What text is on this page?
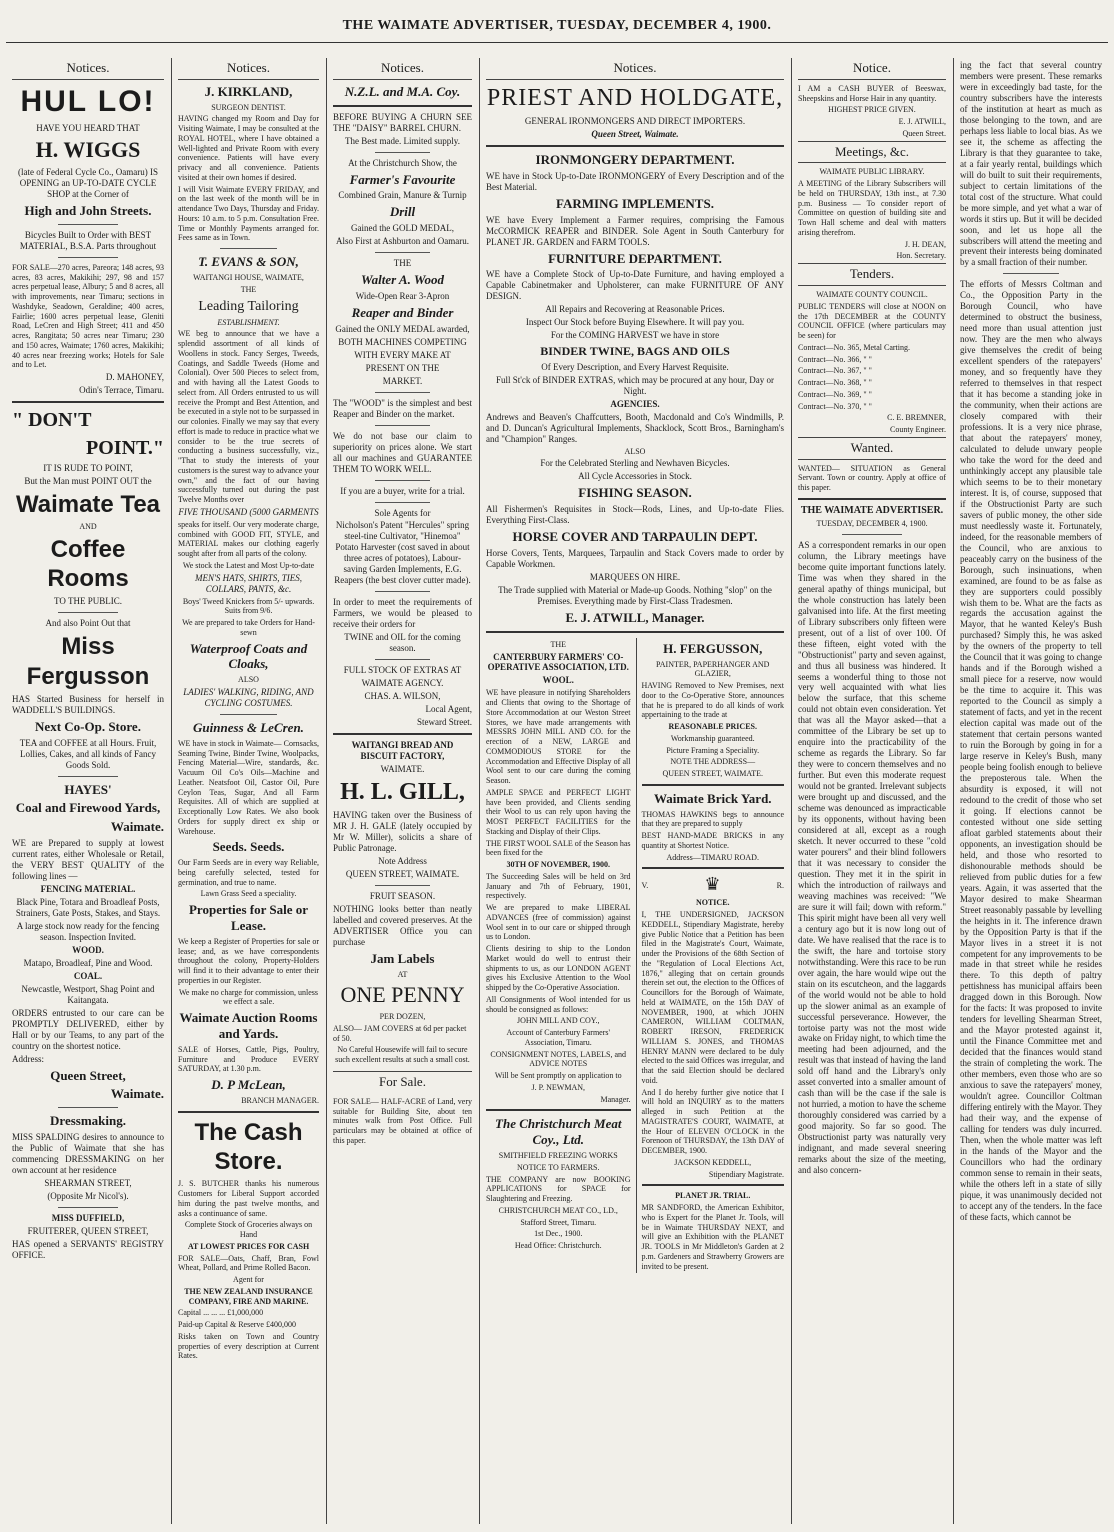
THE WAIMATE ADVERTISER, TUESDAY, DECEMBER 4, 1900.
Notices.
HUL LO!

HAVE YOU HEARD THAT

H. WIGGS

(late of Federal Cycle Co., Oamaru) IS OPENING an UP-TO-DATE CYCLE SHOP at the Corner of

High and John Streets.

Bicycles Built to Order with BEST MATERIAL, B.S.A. Parts throughout

FOR SALE—270 acres, Pareora; 148 acres, 93 acres, 83 acres, Makikihi; 297, 98 and 157 acres perpetual lease, Albury; 5 and 8 acres, all with improvements, near Timaru; sections in Washdyke, Seadown, Geraldine; 400 acres, Fairlie; 1600 acres perpetual lease, Gleniti Road, LeCren and High Street; 411 and 450 acres, Rangitata; 50 acres near Timaru; 230 and 150 acres, Waimate; 1760 acres, Makikihi; 40 acres near freezing works; Hotels for Sale and to Let.

D. MAHONEY,

Odin's Terrace, Timaru.

" DON'T
POINT."

IT IS RUDE TO POINT,

But the Man must POINT OUT the

Waimate Tea

AND

Coffee Rooms

TO THE PUBLIC.

And also Point Out that

Miss Fergusson

HAS Started Business for herself in WADDELL'S BUILDINGS.

Next Co-Op. Store.

TEA and COFFEE at all Hours. Fruit, Lollies, Cakes, and all kinds of Fancy Goods Sold.

HAYES'
Coal and Firewood Yards,
Waimate.

WE are Prepared to supply at lowest current rates, either Wholesale or Retail, the VERY BEST QUALITY of the following lines —

FENCING MATERIAL.

Black Pine, Totara and Broadleaf Posts, Strainers, Gate Posts, Stakes, and Stays.

A large stock now ready for the fencing season. Inspection Invited.

WOOD.

Matapo, Broadleaf, Pine and Wood.

COAL.

Newcastle, Westport, Shag Point and Kaitangata.

ORDERS entrusted to our care can be PROMPTLY DELIVERED, either by Hall or by our Teams, to any part of the country on the shortest notice.

Address:

Queen Street,
Waimate.
Dressmaking.

MISS SPALDING desires to announce to the Public of Waimate that she has commencing DRESSMAKING on her own account at her residence

SHEARMAN STREET,

(Opposite Mr Nicol's).

MISS DUFFIELD,

FRUITERER, QUEEN STREET,

HAS opened a SERVANTS' REGISTRY OFFICE.

Notices.
J. KIRKLAND,

SURGEON DENTIST.

HAVING changed my Room and Day for Visiting Waimate, I may be consulted at the ROYAL HOTEL, where I have obtained a Well-lighted and Private Room with every convenience. Patients will have every privacy and all convenience. Patients visited at their own homes if desired.

I will Visit Waimate EVERY FRIDAY, and on the last week of the month will be in attendance Two Days, Thursday and Friday. Hours: 10 a.m. to 5 p.m. Consultation Free. Time or Monthly Payments arranged for. Fees same as in Town.

T. EVANS & SON,

WAITANGI HOUSE, WAIMATE,

THE

Leading Tailoring

ESTABLISHMENT.

WE beg to announce that we have a splendid assortment of all kinds of Woollens in stock. Fancy Serges, Tweeds, Coatings, and Saddle Tweeds (Home and Colonial). Over 500 Pieces to select from, and with having all the Latest Goods to select from. All Orders entrusted to us will receive the Prompt and Best Attention, and be executed in a style not to be surpassed in our colonies. Finally we may say that every effort is made to reduce in practice what we consider to be the true secrets of conducting a business successfully, viz., "That to study the interests of your customers is the surest way to advance your own," and the fact of our having successfully turned out during the past Twelve Months over

FIVE THOUSAND (5000 GARMENTS

speaks for itself. Our very moderate charge, combined with GOOD FIT, STYLE, and MATERIAL makes our clothing eagerly sought after from all parts of the colony.

We stock the Latest and Most Up-to-date

MEN'S HATS, SHIRTS, TIES, COLLARS, PANTS, &c.

Boys' Tweed Knickers from 5/- upwards. Suits from 9/6.

We are prepared to take Orders for Hand-sewn

Waterproof Coats and Cloaks,

ALSO

LADIES' WALKING, RIDING, AND CYCLING COSTUMES.

Guinness & LeCren.

WE have in stock in Waimate— Cornsacks, Seaming Twine, Binder Twine, Woolpacks, Fencing Material—Wire, standards, &c. Vacuum Oil Co's Oils—Machine and Leather. Neatsfoot Oil, Castor Oil, Pure Ceylon Teas, Sugar, And all Farm Requisites. All of which are supplied at Exceptionally Low Rates. We also book Orders for supply direct ex ship or Warehouse.

Seeds. Seeds.

Our Farm Seeds are in every way Reliable, being carefully selected, tested for germination, and true to name.

Lawn Grass Seed a speciality.

Properties for Sale or Lease.

We keep a Register of Properties for sale or lease; and, as we have correspondents throughout the colony, Property-Holders will find it to their advantage to enter their properties in our Register.

We make no charge for commission, unless we effect a sale.

Waimate Auction Rooms and Yards.

SALE of Horses, Cattle, Pigs, Poultry, Furniture and Produce EVERY SATURDAY, at 1.30 p.m.

D. P McLean,

BRANCH MANAGER.

The Cash Store.

J. S. BUTCHER thanks his numerous Customers for Liberal Support accorded him during the past twelve months, and asks a continuance of same.

Complete Stock of Groceries always on Hand

AT LOWEST PRICES FOR CASH

FOR SALE—Oats, Chaff, Bran, Fowl Wheat, Pollard, and Prime Rolled Bacon.

Agent for

THE NEW ZEALAND INSURANCE COMPANY, FIRE AND MARINE.

Capital ... ... ... £1,000,000

Paid-up Capital & Reserve £400,000

Risks taken on Town and Country properties of every description at Current Rates.

Notices.
N.Z.L. and M.A. Coy.

BEFORE BUYING A CHURN SEE THE "DAISY" BARREL CHURN.

The Best made. Limited supply.

At the Christchurch Show, the

Farmer's Favourite

Combined Grain, Manure & Turnip

Drill

Gained the GOLD MEDAL,

Also First at Ashburton and Oamaru.

THE

Walter A. Wood

Wide-Open Rear 3-Apron

Reaper and Binder

Gained the ONLY MEDAL awarded,

BOTH MACHINES COMPETING

WITH EVERY MAKE AT

PRESENT ON THE

MARKET.

The "WOOD" is the simplest and best Reaper and Binder on the market.

We do not base our claim to superiority on prices alone. We start all our machines and GUARANTEE THEM TO WORK WELL.

If you are a buyer, write for a trial.

Sole Agents for

Nicholson's Patent "Hercules" spring steel-tine Cultivator, "Hinemoa" Potato Harvester (cost saved in about three acres of potatoes), Labour-saving Garden Implements, E.G. Reapers (the best clover cutter made).

In order to meet the requirements of Farmers, we would be pleased to receive their orders for

TWINE and OIL for the coming season.

FULL STOCK OF EXTRAS AT

WAIMATE AGENCY.

CHAS. A. WILSON,

Local Agent,

Steward Street.

WAITANGI BREAD AND BISCUIT FACTORY,

WAIMATE.

H. L. GILL,

HAVING taken over the Business of MR J. H. GALE (lately occupied by Mr W. Miller), solicits a share of Public Patronage.

Note Address

QUEEN STREET, WAIMATE.

FRUIT SEASON.

NOTHING looks better than neatly labelled and covered preserves. At the ADVERTISER Office you can purchase

Jam Labels

AT

ONE PENNY

PER DOZEN,

ALSO— JAM COVERS at 6d per packet of 50.

No Careful Housewife will fail to secure such excellent results at such a small cost.

For Sale.

FOR SALE— HALF-ACRE of Land, very suitable for Building Site, about ten minutes walk from Post Office. Full particulars may be obtained at office of this paper.

Notices.
PRIEST AND HOLDGATE,

GENERAL IRONMONGERS AND DIRECT IMPORTERS.

Queen Street, Waimate.

IRONMONGERY DEPARTMENT.

WE have in Stock Up-to-Date IRONMONGERY of Every Description and of the Best Material.

FARMING IMPLEMENTS.

WE have Every Implement a Farmer requires, comprising the Famous McCORMICK REAPER and BINDER. Sole Agent in South Canterbury for PLANET JR. GARDEN and FARM TOOLS.

FURNITURE DEPARTMENT.

WE have a Complete Stock of Up-to-Date Furniture, and having employed a Capable Cabinetmaker and Upholsterer, can make FURNITURE OF ANY DESIGN.

All Repairs and Recovering at Reasonable Prices.

Inspect Our Stock before Buying Elsewhere. It will pay you.

For the COMING HARVEST we have in store

BINDER TWINE, BAGS AND OILS

Of Every Description, and Every Harvest Requisite.

Full St'ck of BINDER EXTRAS, which may be procured at any hour, Day or Night.

AGENCIES.

Andrews and Beaven's Chaffcutters, Booth, Macdonald and Co's Windmills, P. and D. Duncan's Agricultural Implements, Shacklock, Scott Bros., Barningham's and "Champion" Ranges.

ALSO

For the Celebrated Sterling and Newhaven Bicycles.

All Cycle Accessories in Stock.

FISHING SEASON.

All Fishermen's Requisites in Stock—Rods, Lines, and Up-to-date Flies. Everything First-Class.

HORSE COVER AND TARPAULIN DEPT.

Horse Covers, Tents, Marquees, Tarpaulin and Stack Covers made to order by Capable Workmen.

MARQUEES ON HIRE.

The Trade supplied with Material or Made-up Goods. Nothing "slop" on the Premises. Everything made by First-Class Tradesmen.

E. J. ATWILL, Manager.

THE

CANTERBURY FARMERS' CO-OPERATIVE ASSOCIATION, LTD.

WOOL.

WE have pleasure in notifying Shareholders and Clients that owing to the Shortage of Store Accommodation at our Weston Street Stores, we have made arrangements with MESSRS JOHN MILL AND CO. for the erection of a NEW, LARGE and COMMODIOUS STORE for the Accommodation and Effective Display of all Wool sent to our care during the coming Season.

AMPLE SPACE and PERFECT LIGHT have been provided, and Clients sending their Wool to us can rely upon having the MOST PERFECT FACILITIES for the Stacking and Display of their Clips.

THE FIRST WOOL SALE of the Season has been fixed for the

30TH OF NOVEMBER, 1900.

The Succeeding Sales will be held on 3rd January and 7th of February, 1901, respectively.

We are prepared to make LIBERAL ADVANCES (free of commission) against Wool sent in to our care or shipped through us to London.

Clients desiring to ship to the London Market would do well to entrust their shipments to us, as our LONDON AGENT gives his Exclusive Attention to the Wool shipped by the Co-Operative Association.

All Consignments of Wool intended for us should be consigned as follows:

JOHN MILL AND COY.,

Account of Canterbury Farmers' Association, Timaru.

CONSIGNMENT NOTES, LABELS, and ADVICE NOTES

Will be Sent promptly on application to

J. P. NEWMAN,

Manager.

The Christchurch Meat Coy., Ltd.

SMITHFIELD FREEZING WORKS

NOTICE TO FARMERS.

THE COMPANY are now BOOKING APPLICATIONS for SPACE for Slaughtering and Freezing.

CHRISTCHURCH MEAT CO., LD.,

Stafford Street, Timaru.

1st Dec., 1900.

Head Office: Christchurch.

H. FERGUSSON,

PAINTER, PAPERHANGER AND GLAZIER,

HAVING Removed to New Premises, next door to the Co-Operative Store, announces that he is prepared to do all kinds of work appertaining to the trade at

REASONABLE PRICES.

Workmanship guaranteed.

Picture Framing a Speciality.

NOTE THE ADDRESS—

QUEEN STREET, WAIMATE.

Waimate Brick Yard.

THOMAS HAWKINS begs to announce that they are prepared to supply

BEST HAND-MADE BRICKS in any quantity at Shortest Notice.

Address—TIMARU ROAD.

V.	♛	R.

NOTICE.

I, THE UNDERSIGNED, JACKSON KEDDELL, Stipendiary Magistrate, hereby give Public Notice that a Petition has been filed in the Magistrate's Court, Waimate, under the Provisions of the 68th Section of the "Regulation of Local Elections Act, 1876," alleging that on certain grounds therein set out, the election to the Offices of Councillors for the Borough of Waimate, held at WAIMATE, on the 15th DAY of NOVEMBER, 1900, at which JOHN CAMERON, WILLIAM COLTMAN, ROBERT IRESON, FREDERICK WILLIAM S. JONES, and THOMAS HENRY MANN were declared to be duly elected to the said Offices was irregular, and that the said Election should be declared void.

And I do hereby further give notice that I will hold an INQUIRY as to the matters alleged in such Petition at the MAGISTRATE'S COURT, WAIMATE, at the Hour of ELEVEN O'CLOCK in the Forenoon of THURSDAY, the 13th DAY of DECEMBER, 1900.

JACKSON KEDDELL,

Stipendiary Magistrate.

PLANET JR. TRIAL.

MR SANDFORD, the American Exhibitor, who is Expert for the Planet Jr. Tools, will be in Waimate THURSDAY NEXT, and will give an Exhibition with the PLANET JR. TOOLS in Mr Middleton's Garden at 2 p.m. Gardeners and Strawberry Growers are invited to be present.

Notice.

I AM a CASH BUYER of Beeswax, Sheepskins and Horse Hair in any quantity.

HIGHEST PRICE GIVEN.

E. J. ATWILL,

Queen Street.

Meetings, &c.

WAIMATE PUBLIC LIBRARY.

A MEETING of the Library Subscribers will be held on THURSDAY, 13th inst., at 7.30 p.m. Business — To consider report of Committee on question of building site and Town Hall scheme and deal with matters arising therefrom.

J. H. DEAN,

Hon. Secretary.

Tenders.

WAIMATE COUNTY COUNCIL.

PUBLIC TENDERS will close at NOON on the 17th DECEMBER at the COUNTY COUNCIL OFFICE (where particulars may be seen) for

Contract—No. 365, Metal Carting.

Contract—No. 366, " "

Contract—No. 367, " "

Contract—No. 368, " "

Contract—No. 369, " "

Contract—No. 370, " "

C. E. BREMNER,

County Engineer.

Wanted.

WANTED— SITUATION as General Servant. Town or country. Apply at office of this paper.

THE WAIMATE ADVERTISER.

TUESDAY, DECEMBER 4, 1900.

AS a correspondent remarks in our open column, the Library meetings have become quite important functions lately. Time was when they shared in the general apathy of things municipal, but the whole construction has lately been galvanised into life. At the first meeting of Library subscribers only fifteen were present, out of a list of over 100. Of these fifteen, eight voted with the "Obstructionist" party and seven against, and thus all business was hindered. It seems a wonderful thing to those not very well acquainted with what lies below the surface, that this scheme could not obtain even consideration. Yet that was all the Mayor asked—that a committee of the Library be set up to enquire into the practicability of the scheme as regards the Library. So far they were to concern themselves and no further. But even this moderate request would not be granted. Irrelevant subjects were brought up and discussed, and the scheme was denounced as impracticable by its opponents, without having been considered at all, except as a rough sketch. It never occurred to these "cold water pourers" and their blind followers that it was necessary to consider the question. They met it in the spirit in which the introduction of railways and weaving machines was received: "We are sure it will fail; down with reform." This spirit might have been all very well a century ago but it is now long out of date. We have realised that the race is to the swift, the hare and tortoise story notwithstanding. Were this race to be run over again, the hare would wipe out the stain on its escutcheon, and the laggards of the world would not be able to hold up the slower animal as an example of successful perseverance. However, the tortoise party was not the most wide awake on Friday night, to which time the meeting had been adjourned, and the result was that instead of having the land sold off hand and the Library's only asset converted into a smaller amount of cash than will be the case if the sale is not hurried, a motion to have the scheme thoroughly considered was carried by a good majority. So far so good. The Obstructionist party was naturally very indignant, and made several sneering remarks about the size of the meeting, and also concern-

ing the fact that several country members were present. These remarks were in exceedingly bad taste, for the country subscribers have the interests of the institution at heart as much as those belonging to the town, and are perhaps less liable to local bias. As we see it, the scheme as affecting the Library is that they guarantee to take, at a fair yearly rental, buildings which will do built to suit their requirements, subject to certain limitations of the total cost of the structure. What could be more simple, and yet what a war of words it stirs up. But it will be decided soon, and let us hope all the subscribers will attend the meeting and prevent their interests being dominated by a small fraction of their number.

The efforts of Messrs Coltman and Co., the Opposition Party in the Borough Council, who have determined to obstruct the business, need more than usual attention just now. They are the men who always give themselves the credit of being excellent spenders of the ratepayers' money, and so frequently have they referred to themselves in that respect that it has become a standing joke in the community, when their actions are closely compared with their professions. It is a very nice phrase, that about the ratepayers' money, calculated to delude unwary people who take the word for the deed and unthinkingly accept any plausible tale which seems to be to their monetary interest. It is, of course, supposed that if the Obstructionist Party are such savers of public money, the other side must needlessly waste it. Fortunately, indeed, for the reasonable members of the Council, who are anxious to peaceably carry on the business of the Borough, such insinuations, when examined, are found to be as false as they are supporters could possibly wish them to be. What are the facts as regards the accusation against the Mayor, that he wanted Keley's Bush purchased? Simply this, he was asked by the owners of the property to tell the Council that it was going to change hands and if the Borough wished a small piece for a reserve, now would be the time to acquire it. This was reported to the Council as simply a statement of facts, and yet in the recent election capital was made out of the statement that certain persons wanted to ruin the Borough by going in for a large reserve in Keley's Bush, many people being foolish enough to believe the preposterous tale. When the absurdity is exposed, it will not redound to the credit of those who set it going. If elections cannot be contested without one side setting afloat garbled statements about their opponents, an investigation should be held, and those who resorted to dishonourable methods should be relieved from public duties for a few years. Again, it was asserted that the Mayor desired to make Shearman Street reasonably passable by levelling the heights in it. The inference drawn by the Opposition Party is that if the Mayor lives in a street it is not competent for any improvements to be made in that street while he resides there. To this depth of paltry pettishness has municipal affairs been dragged down in this Borough. Now for the facts: It was proposed to invite tenders for levelling Shearman Street, and the Mayor protested against it, until the Finance Committee met and decided that the finances would stand the strain of completing the work. The other members, even those who are so anxious to save the ratepayers' money, wouldn't agree. Councillor Coltman differing entirely with the Mayor. They had their way, and the expense of calling for tenders was duly incurred. Then, when the whole matter was left in the hands of the Mayor and the Councillors who had the ordinary common sense to remain in their seats, while the others left in a state of silly pique, it was unanimously decided not to accept any of the tenders. In the face of these facts, which cannot be
